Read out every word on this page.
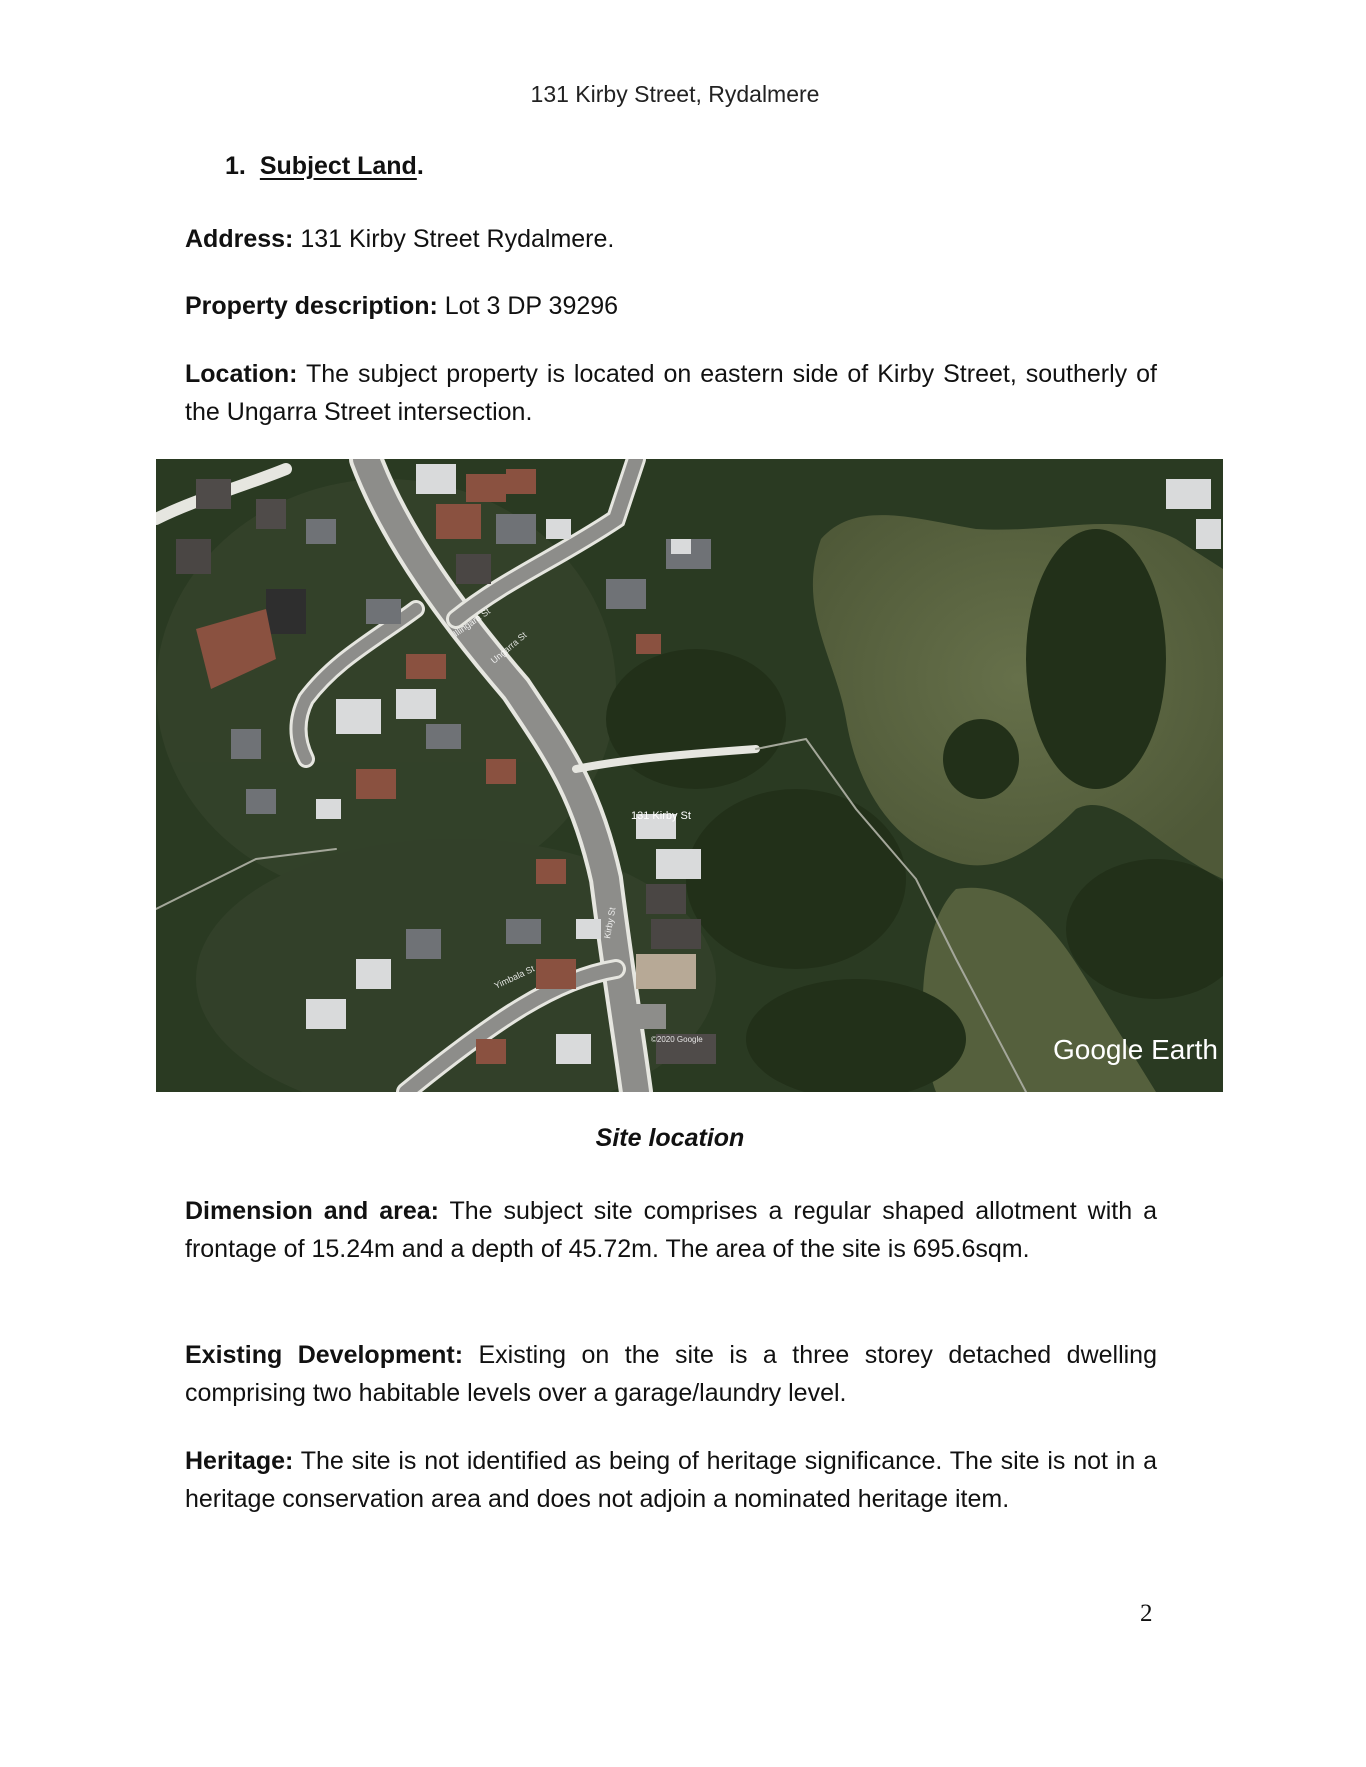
131 Kirby Street, Rydalmere
1. Subject Land.

Address: 131 Kirby Street Rydalmere.

Property description: Lot 3 DP 39296

Location: The subject property is located on eastern side of Kirby Street, southerly of the Ungarra Street intersection.

Illingara St
Ungarra St
Kirby St
Yimbala St
131 Kirby St
©2020 Google	Google Earth
Site location

Dimension and area: The subject site comprises a regular shaped allotment with a frontage of 15.24m and a depth of 45.72m. The area of the site is 695.6sqm.

Existing Development: Existing on the site is a three storey detached dwelling comprising two habitable levels over a garage/laundry level.

Heritage: The site is not identified as being of heritage significance. The site is not in a heritage conservation area and does not adjoin a nominated heritage item.

2
